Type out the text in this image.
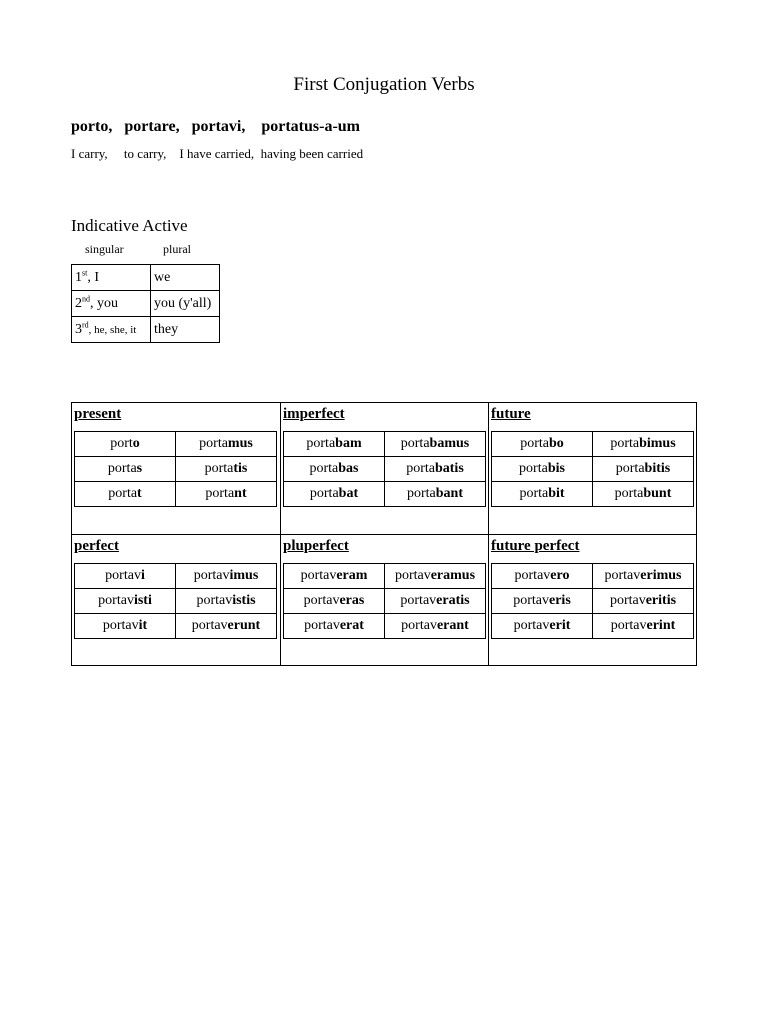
First Conjugation Verbs
porto,   portare,   portavi,    portatus-a-um
I carry,     to carry,    I have carried,  having been carried
Indicative Active
singular	plural
1st, I	we
2nd, you	you (y'all)
3rd, he, she, it	they
present
porto	portamus
portas	portatis
portat	portant
imperfect
portabam	portabamus
portabas	portabatis
portabat	portabant
future
portabo	portabimus
portabis	portabitis
portabit	portabunt
perfect
portavi	portavimus
portavisti	portavistis
portavit	portaverunt
pluperfect
portaveram	portaveramus
portaveras	portaveratis
portaverat	portaverant
future perfect
portavero	portaverimus
portaveris	portaveritis
portaverit	portaverint
